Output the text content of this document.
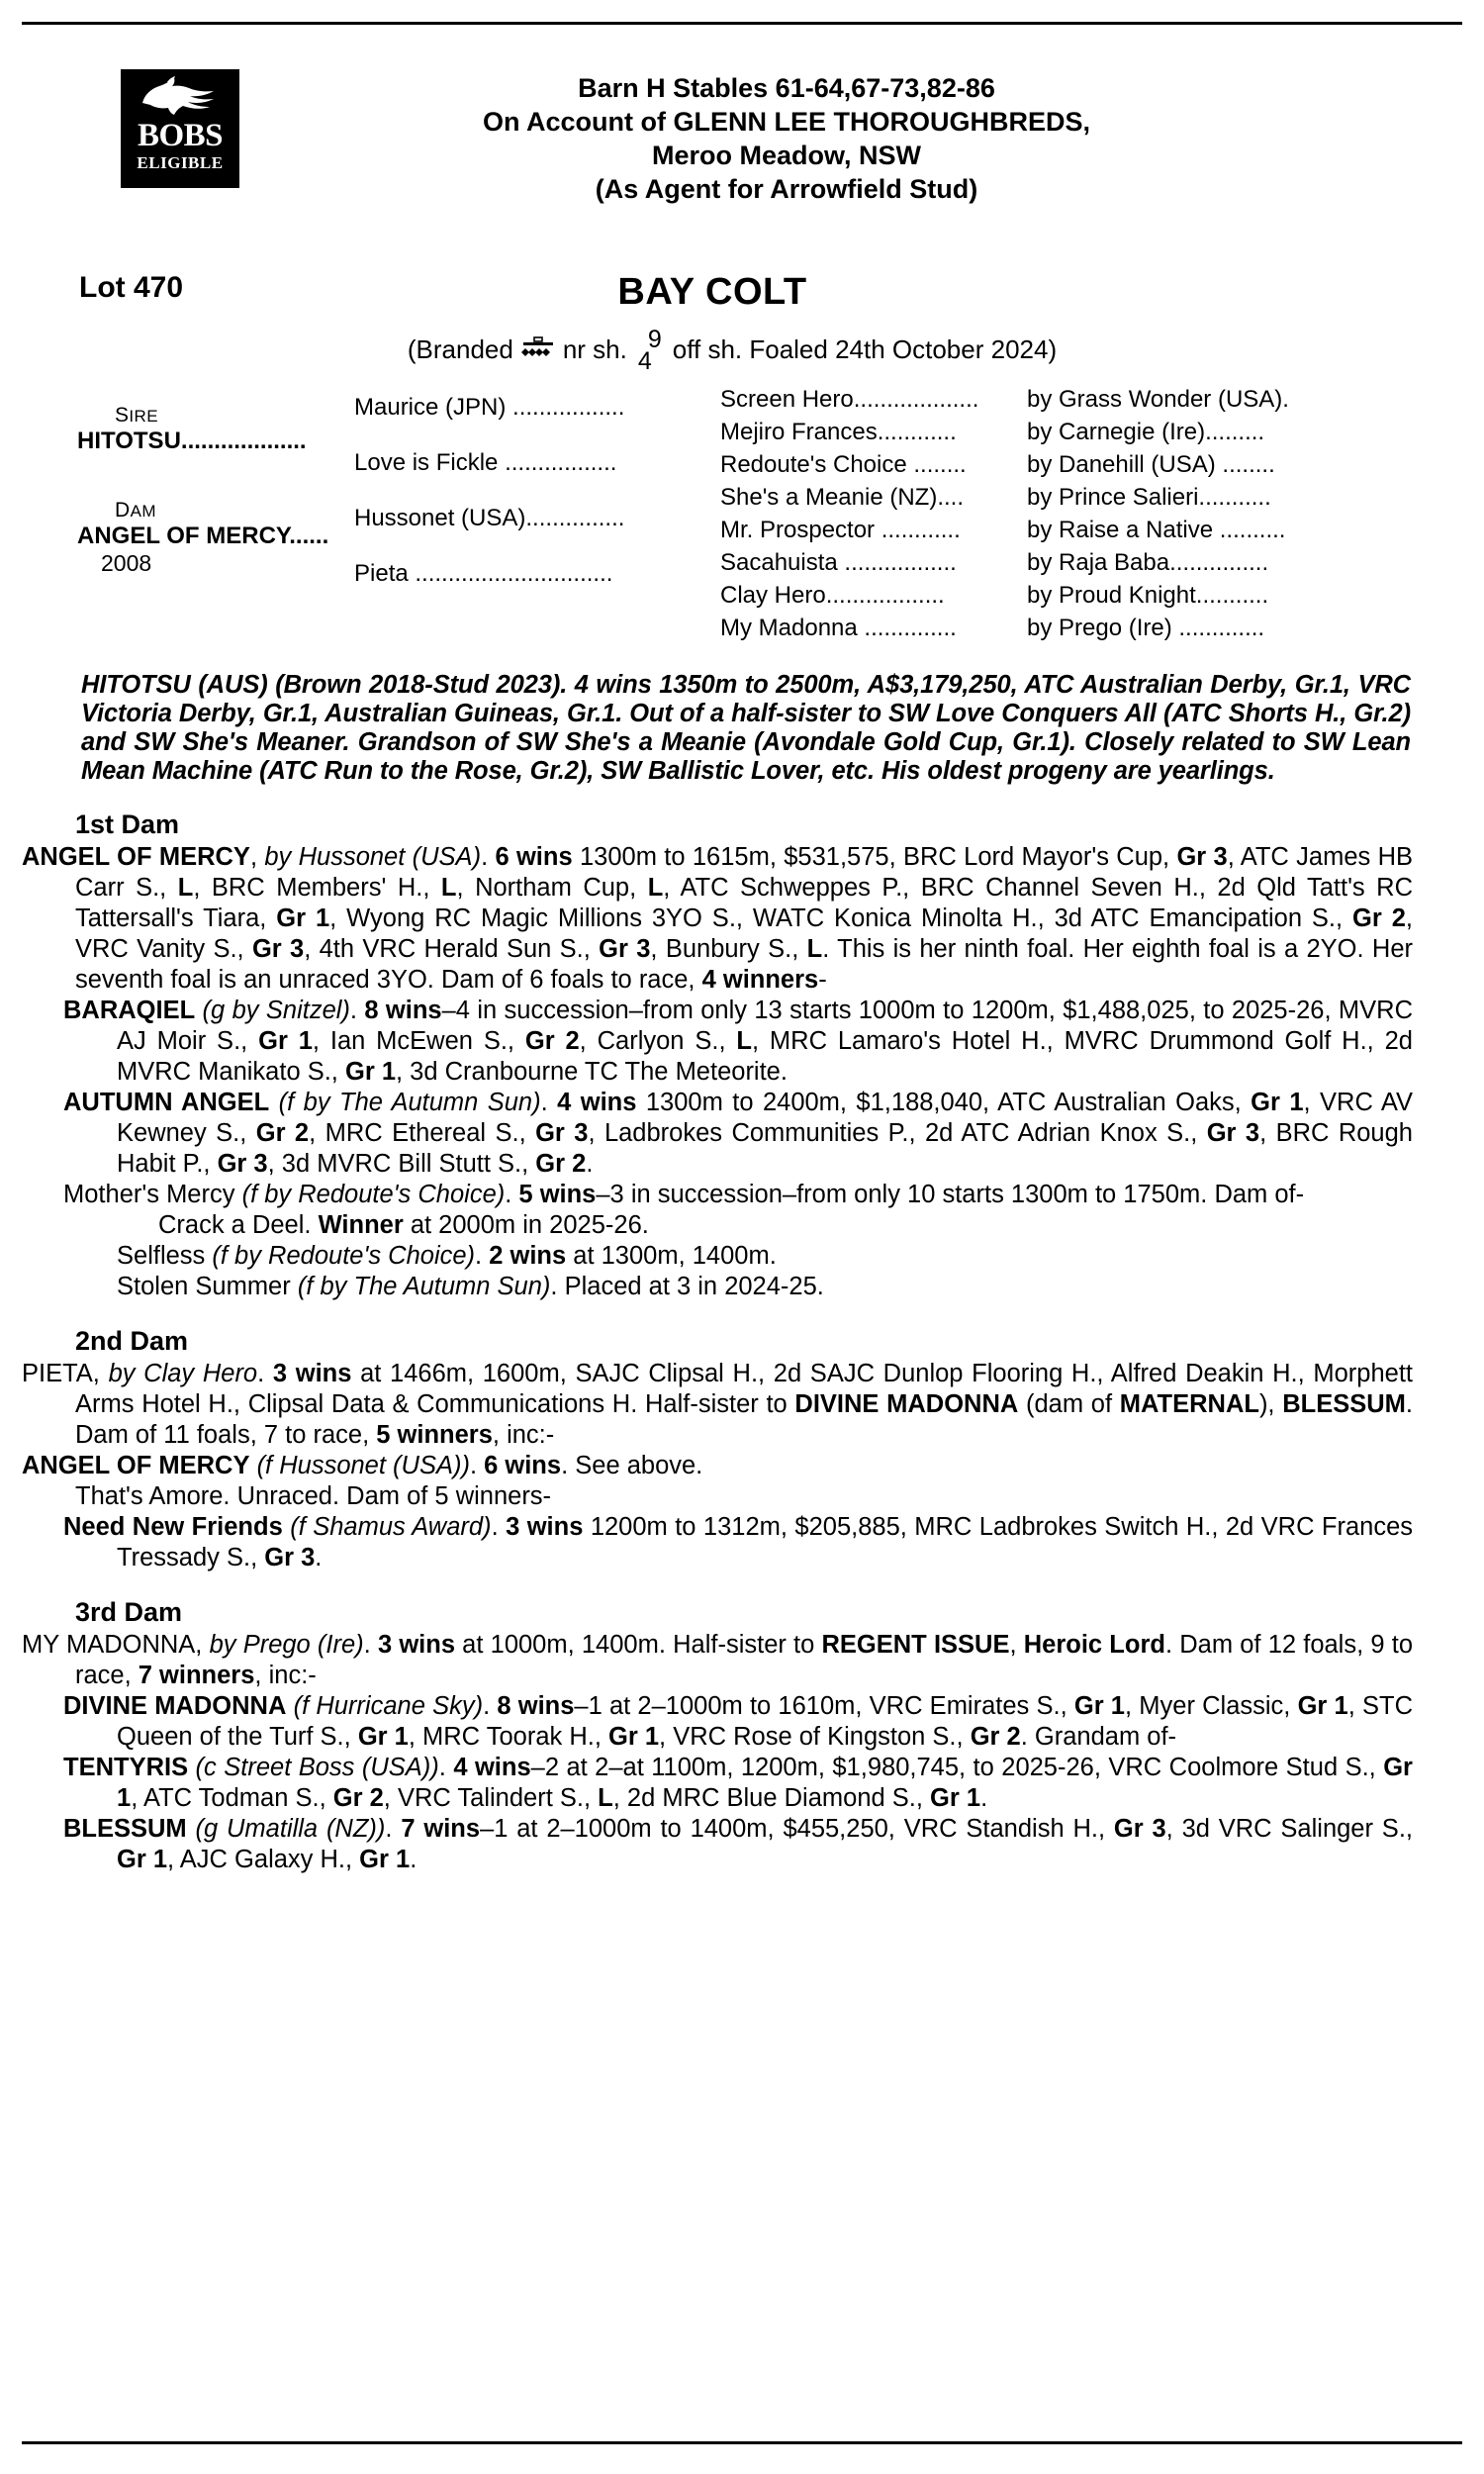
BOBS
ELIGIBLE
Barn H Stables 61-64,67-73,82-86
On Account of GLENN LEE THOROUGHBREDS,
Meroo Meadow, NSW
(As Agent for Arrowfield Stud)
Lot 470	BAY COLT
(Branded nr sh. 9
4 off sh. Foaled 24th October 2024)
SIRE
HITOTSU...................
DAM
ANGEL OF MERCY......
2008
Maurice (JPN) .................
Love is Fickle .................
Hussonet (USA)...............
Pieta ..............................
Screen Hero...................	by Grass Wonder (USA).
Mejiro Frances............	by Carnegie (Ire).........
Redoute's Choice ........	by Danehill (USA) ........
She's a Meanie (NZ)....	by Prince Salieri...........
Mr. Prospector ............	by Raise a Native ..........
Sacahuista .................	by Raja Baba...............
Clay Hero..................	by Proud Knight...........
My Madonna ..............	by Prego (Ire) .............
HITOTSU (AUS) (Brown 2018-Stud 2023). 4 wins 1350m to 2500m, A$3,179,250, ATC Australian Derby, Gr.1, VRC Victoria Derby, Gr.1, Australian Guineas, Gr.1. Out of a half-sister to SW Love Conquers All (ATC Shorts H., Gr.2) and SW She's Meaner. Grandson of SW She's a Meanie (Avondale Gold Cup, Gr.1). Closely related to SW Lean Mean Machine (ATC Run to the Rose, Gr.2), SW Ballistic Lover, etc. His oldest progeny are yearlings.
1st Dam
ANGEL OF MERCY, by Hussonet (USA). 6 wins 1300m to 1615m, $531,575, BRC Lord Mayor's Cup, Gr 3, ATC James HB Carr S., L, BRC Members' H., L, Northam Cup, L, ATC Schweppes P., BRC Channel Seven H., 2d Qld Tatt's RC Tattersall's Tiara, Gr 1, Wyong RC Magic Millions 3YO S., WATC Konica Minolta H., 3d ATC Emancipation S., Gr 2, VRC Vanity S., Gr 3, 4th VRC Herald Sun S., Gr 3, Bunbury S., L. This is her ninth foal. Her eighth foal is a 2YO. Her seventh foal is an unraced 3YO. Dam of 6 foals to race, 4 winners-
BARAQIEL (g by Snitzel). 8 wins–4 in succession–from only 13 starts 1000m to 1200m, $1,488,025, to 2025-26, MVRC AJ Moir S., Gr 1, Ian McEwen S., Gr 2, Carlyon S., L, MRC Lamaro's Hotel H., MVRC Drummond Golf H., 2d MVRC Manikato S., Gr 1, 3d Cranbourne TC The Meteorite.
AUTUMN ANGEL (f by The Autumn Sun). 4 wins 1300m to 2400m, $1,188,040, ATC Australian Oaks, Gr 1, VRC AV Kewney S., Gr 2, MRC Ethereal S., Gr 3, Ladbrokes Communities P., 2d ATC Adrian Knox S., Gr 3, BRC Rough Habit P., Gr 3, 3d MVRC Bill Stutt S., Gr 2.
Mother's Mercy (f by Redoute's Choice). 5 wins–3 in succession–from only 10 starts 1300m to 1750m. Dam of-
Crack a Deel. Winner at 2000m in 2025-26.
Selfless (f by Redoute's Choice). 2 wins at 1300m, 1400m.
Stolen Summer (f by The Autumn Sun). Placed at 3 in 2024-25.
2nd Dam
PIETA, by Clay Hero. 3 wins at 1466m, 1600m, SAJC Clipsal H., 2d SAJC Dunlop Flooring H., Alfred Deakin H., Morphett Arms Hotel H., Clipsal Data & Communications H. Half-sister to DIVINE MADONNA (dam of MATERNAL), BLESSUM. Dam of 11 foals, 7 to race, 5 winners, inc:-
ANGEL OF MERCY (f Hussonet (USA)). 6 wins. See above.
That's Amore. Unraced. Dam of 5 winners-
Need New Friends (f Shamus Award). 3 wins 1200m to 1312m, $205,885, MRC Ladbrokes Switch H., 2d VRC Frances Tressady S., Gr 3.
3rd Dam
MY MADONNA, by Prego (Ire). 3 wins at 1000m, 1400m. Half-sister to REGENT ISSUE, Heroic Lord. Dam of 12 foals, 9 to race, 7 winners, inc:-
DIVINE MADONNA (f Hurricane Sky). 8 wins–1 at 2–1000m to 1610m, VRC Emirates S., Gr 1, Myer Classic, Gr 1, STC Queen of the Turf S., Gr 1, MRC Toorak H., Gr 1, VRC Rose of Kingston S., Gr 2. Grandam of-
TENTYRIS (c Street Boss (USA)). 4 wins–2 at 2–at 1100m, 1200m, $1,980,745, to 2025-26, VRC Coolmore Stud S., Gr 1, ATC Todman S., Gr 2, VRC Talindert S., L, 2d MRC Blue Diamond S., Gr 1.
BLESSUM (g Umatilla (NZ)). 7 wins–1 at 2–1000m to 1400m, $455,250, VRC Standish H., Gr 3, 3d VRC Salinger S., Gr 1, AJC Galaxy H., Gr 1.
